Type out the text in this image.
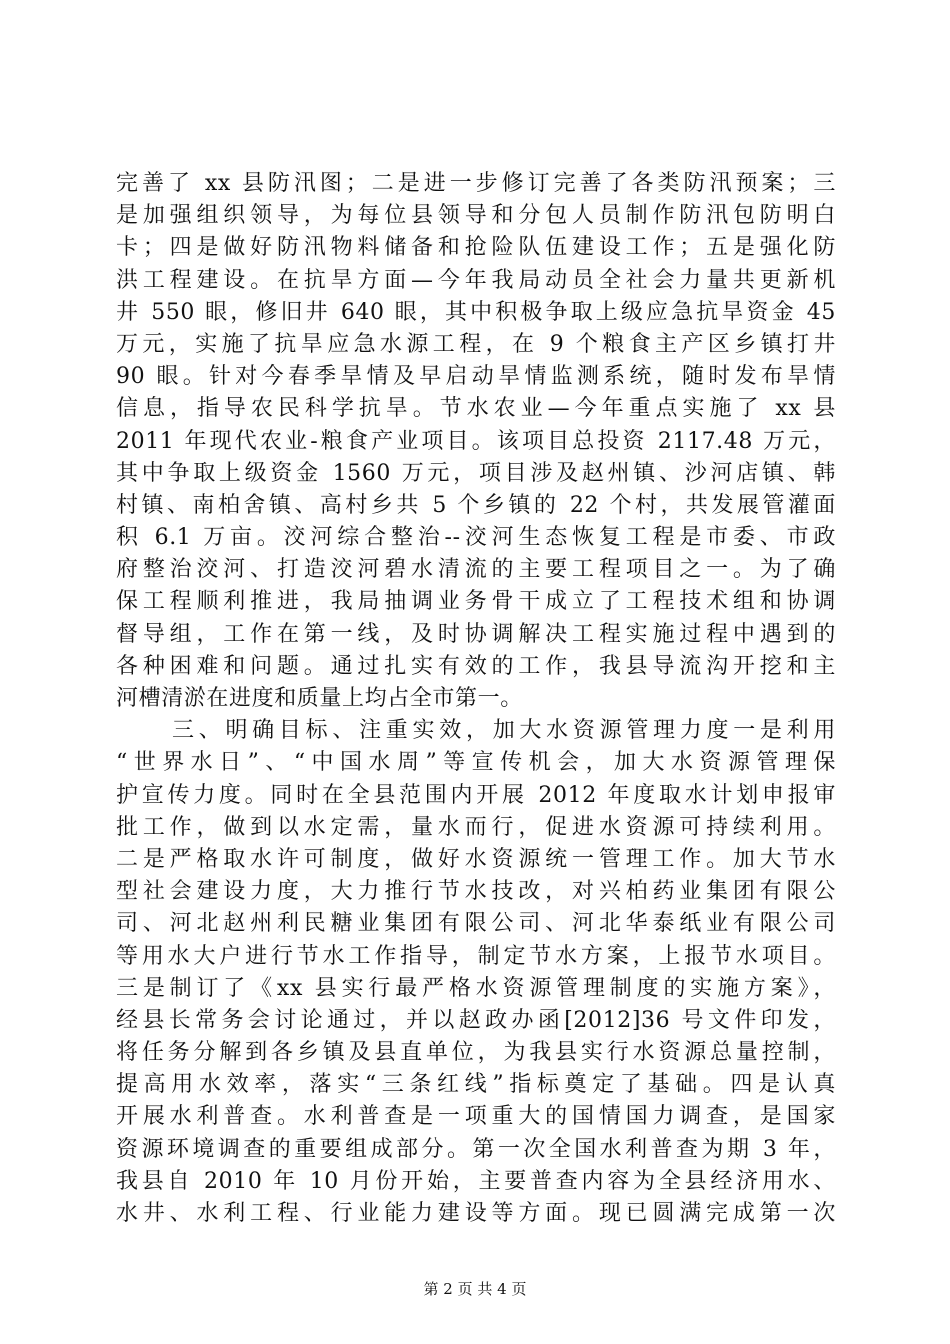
完善了 xx 县防汛图；二是进一步修订完善了各类防汛预案；三
是加强组织领导，为每位县领导和分包人员制作防汛包防明白
卡；四是做好防汛物料储备和抢险队伍建设工作；五是强化防
洪工程建设。在抗旱方面—今年我局动员全社会力量共更新机
井 550 眼，修旧井 640 眼，其中积极争取上级应急抗旱资金 45
万元，实施了抗旱应急水源工程，在 9 个粮食主产区乡镇打井
90 眼。针对今春季旱情及早启动旱情监测系统，随时发布旱情
信息，指导农民科学抗旱。节水农业—今年重点实施了 xx 县
2011 年现代农业-粮食产业项目。该项目总投资 2117.48 万元，
其中争取上级资金 1560 万元，项目涉及赵州镇、沙河店镇、韩
村镇、南柏舍镇、高村乡共 5 个乡镇的 22 个村，共发展管灌面
积 6.1 万亩。洨河综合整治--洨河生态恢复工程是市委、市政
府整治洨河、打造洨河碧水清流的主要工程项目之一。为了确
保工程顺利推进，我局抽调业务骨干成立了工程技术组和协调
督导组，工作在第一线，及时协调解决工程实施过程中遇到的
各种困难和问题。通过扎实有效的工作，我县导流沟开挖和主
河槽清淤在进度和质量上均占全市第一。
三、明确目标、注重实效，加大水资源管理力度一是利用
“世界水日”、“中国水周”等宣传机会，加大水资源管理保
护宣传力度。同时在全县范围内开展 2012 年度取水计划申报审
批工作，做到以水定需，量水而行，促进水资源可持续利用。
二是严格取水许可制度，做好水资源统一管理工作。加大节水
型社会建设力度，大力推行节水技改，对兴柏药业集团有限公
司、河北赵州利民糖业集团有限公司、河北华泰纸业有限公司
等用水大户进行节水工作指导，制定节水方案，上报节水项目。
三是制订了《xx 县实行最严格水资源管理制度的实施方案》，
经县长常务会讨论通过，并以赵政办函[2012]36 号文件印发，
将任务分解到各乡镇及县直单位，为我县实行水资源总量控制，
提高用水效率，落实“三条红线”指标奠定了基础。四是认真
开展水利普查。水利普查是一项重大的国情国力调查，是国家
资源环境调查的重要组成部分。第一次全国水利普查为期 3 年，
我县自 2010 年 10 月份开始，主要普查内容为全县经济用水、
水井、水利工程、行业能力建设等方面。现已圆满完成第一次
第 2 页 共 4 页
